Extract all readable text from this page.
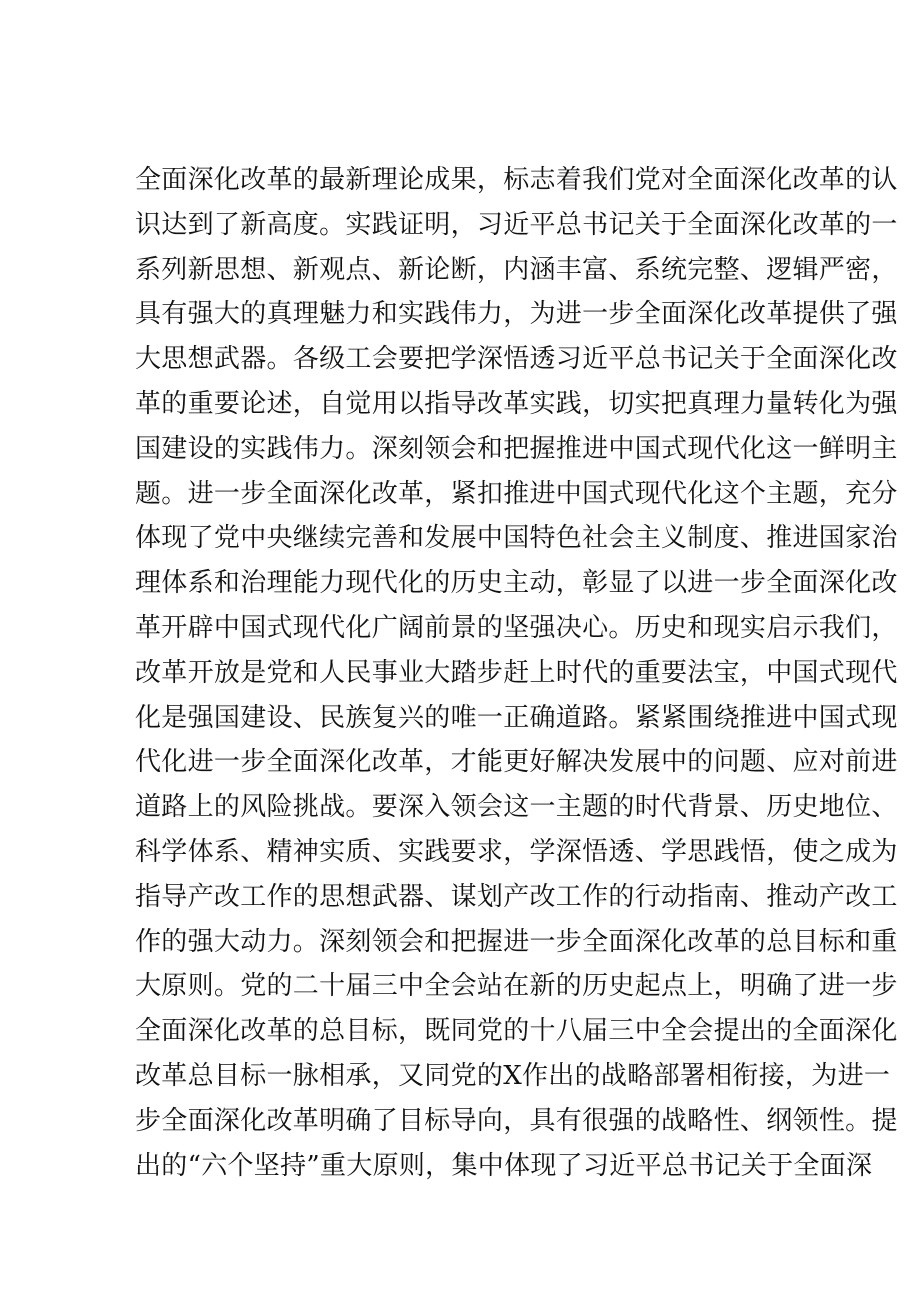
全面深化改革的最新理论成果，标志着我们党对全面深化改革的认
识达到了新高度。实践证明，习近平总书记关于全面深化改革的一
系列新思想、新观点、新论断，内涵丰富、系统完整、逻辑严密，
具有强大的真理魅力和实践伟力，为进一步全面深化改革提供了强
大思想武器。各级工会要把学深悟透习近平总书记关于全面深化改
革的重要论述，自觉用以指导改革实践，切实把真理力量转化为强
国建设的实践伟力。深刻领会和把握推进中国式现代化这一鲜明主
题。进一步全面深化改革，紧扣推进中国式现代化这个主题，充分
体现了党中央继续完善和发展中国特色社会主义制度、推进国家治
理体系和治理能力现代化的历史主动，彰显了以进一步全面深化改
革开辟中国式现代化广阔前景的坚强决心。历史和现实启示我们，
改革开放是党和人民事业大踏步赶上时代的重要法宝，中国式现代
化是强国建设、民族复兴的唯一正确道路。紧紧围绕推进中国式现
代化进一步全面深化改革，才能更好解决发展中的问题、应对前进
道路上的风险挑战。要深入领会这一主题的时代背景、历史地位、
科学体系、精神实质、实践要求，学深悟透、学思践悟，使之成为
指导产改工作的思想武器、谋划产改工作的行动指南、推动产改工
作的强大动力。深刻领会和把握进一步全面深化改革的总目标和重
大原则。党的二十届三中全会站在新的历史起点上，明确了进一步
全面深化改革的总目标，既同党的十八届三中全会提出的全面深化
改革总目标一脉相承，又同党的X作出的战略部署相衔接，为进一
步全面深化改革明确了目标导向，具有很强的战略性、纲领性。提
出的“六个坚持”重大原则，集中体现了习近平总书记关于全面深
